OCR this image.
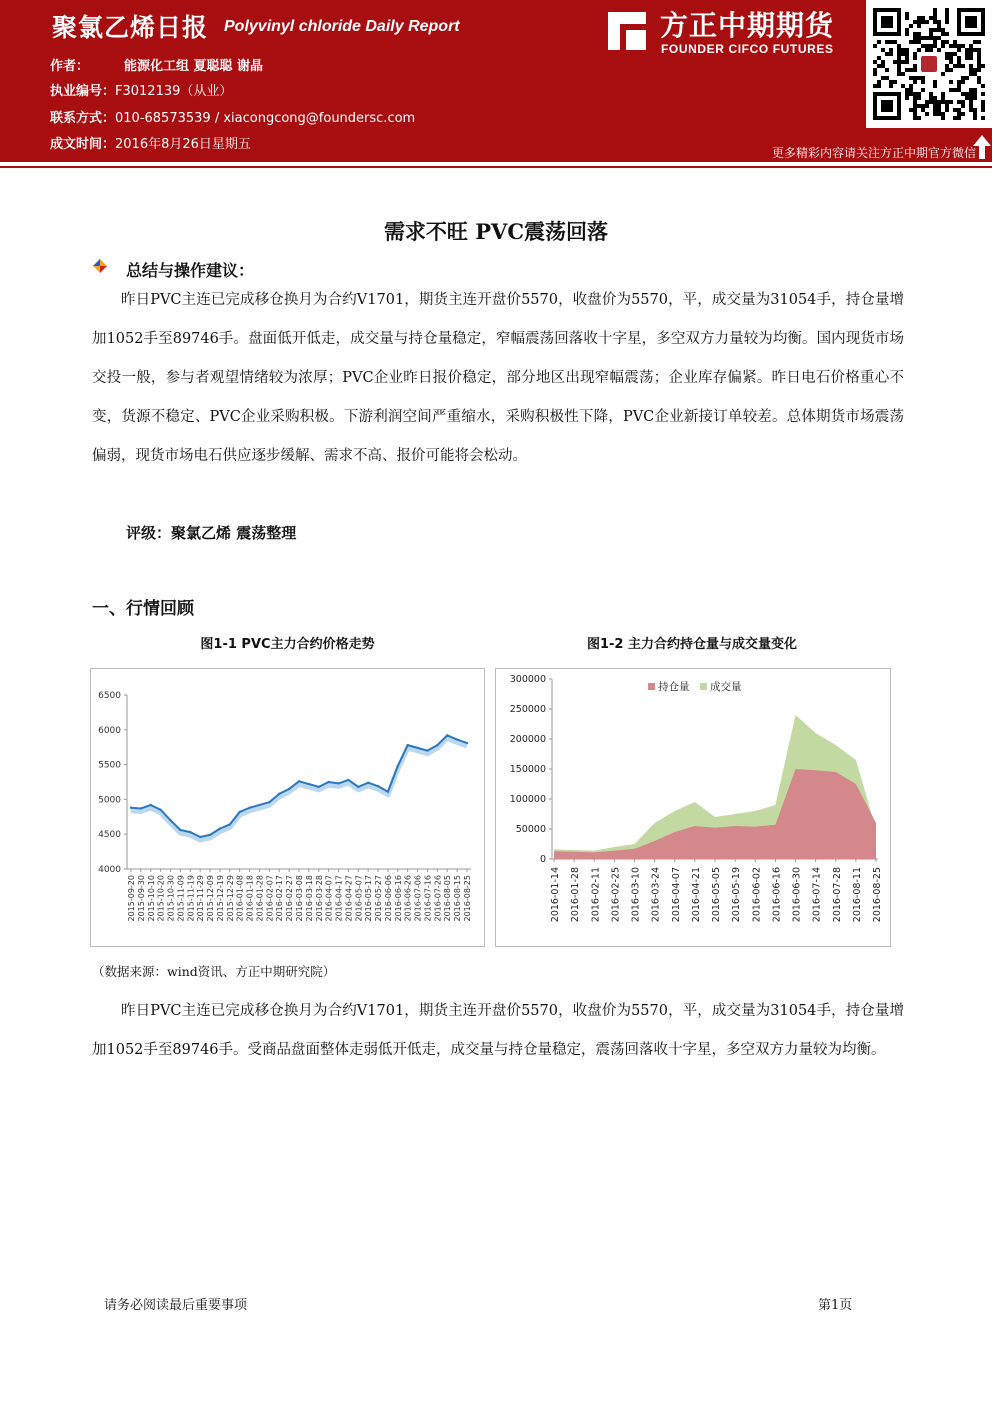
聚氯乙烯日报 Polyvinyl chloride Daily Report
作者：	能源化工组 夏聪聪 谢晶
执业编号：F3012139（从业）
联系方式：010-68573539 / xiacongcong@foundersc.com
成文时间：2016年8月26日星期五
方正中期期货
FOUNDER CIFCO FUTURES
更多精彩内容请关注方正中期官方微信
需求不旺 PVC震荡回落
总结与操作建议：
昨日PVC主连已完成移仓换月为合约V1701，期货主连开盘价5570，收盘价为5570，平，成交量为31054手，持仓量增加1052手至89746手。盘面低开低走，成交量与持仓量稳定，窄幅震荡回落收十字星，多空双方力量较为均衡。国内现货市场交投一般，参与者观望情绪较为浓厚；PVC企业昨日报价稳定，部分地区出现窄幅震荡；企业库存偏紧。昨日电石价格重心不变，货源不稳定、PVC企业采购积极。下游利润空间严重缩水，采购积极性下降，PVC企业新接订单较差。总体期货市场震荡偏弱，现货市场电石供应逐步缓解、需求不高、报价可能将会松动。
评级：聚氯乙烯 震荡整理
一、行情回顾
图1-1 PVC主力合约价格走势	图1-2 主力合约持仓量与成交量变化
4000
4500
5000
5500
6000
6500
2015-09-20 2015-09-30 2015-10-10 2015-10-20 2015-10-30 2015-11-09 2015-11-19 2015-11-29 2015-12-09 2015-12-19 2015-12-29 2016-01-08 2016-01-18 2016-01-28 2016-02-07 2016-02-17 2016-02-27 2016-03-08 2016-03-18 2016-03-28 2016-04-07 2016-04-17 2016-04-27 2016-05-07 2016-05-17 2016-05-27 2016-06-06 2016-06-16 2016-06-26 2016-07-06 2016-07-16 2016-07-26 2016-08-05 2016-08-15 2016-08-25
0
50000
100000
150000
200000
250000
300000
2016-01-14 2016-01-28 2016-02-11 2016-02-25 2016-03-10 2016-03-24 2016-04-07 2016-04-21 2016-05-05 2016-05-19 2016-06-02 2016-06-16 2016-06-30 2016-07-14 2016-07-28 2016-08-11 2016-08-25
持仓量 成交量
（数据来源：wind资讯、方正中期研究院）
昨日PVC主连已完成移仓换月为合约V1701，期货主连开盘价5570，收盘价为5570，平，成交量为31054手，持仓量增加1052手至89746手。受商品盘面整体走弱低开低走，成交量与持仓量稳定，震荡回落收十字星，多空双方力量较为均衡。
请务必阅读最后重要事项	第1页
